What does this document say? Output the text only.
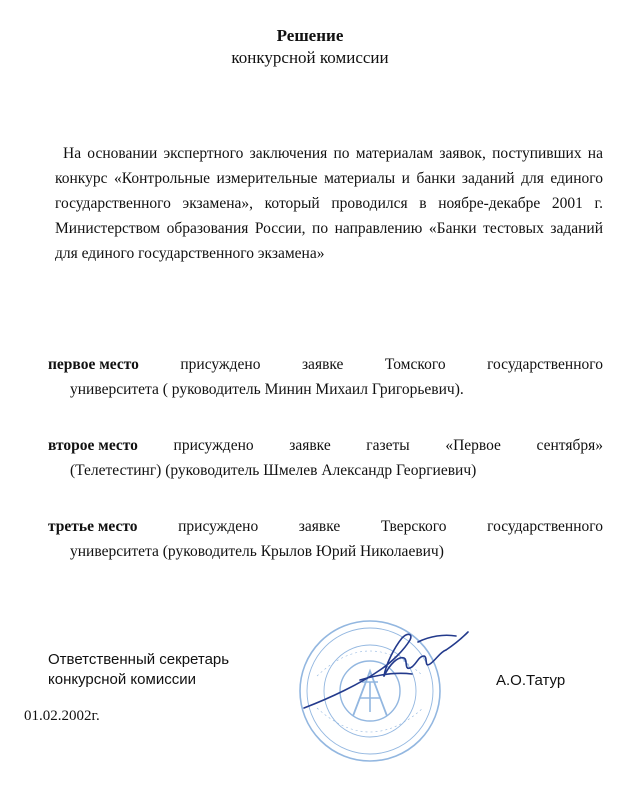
Решение
конкурсной комиссии

На основании экспертного заключения по материалам заявок, поступивших на конкурс «Контрольные измерительные материалы и банки заданий для единого государственного экзамена», который проводился в ноябре-декабре 2001 г. Министерством образования России, по направлению «Банки тестовых заданий для единого государственного экзамена»

первое место	присуждено	заявке	Томского	государственного
университета ( руководитель Минин Михаил Григорьевич).
второе место присуждено заявке газеты «Первое сентября»
(Телетестинг) (руководитель Шмелев Александр Георгиевич)
третье место	присуждено	заявке	Тверского	государственного
университета (руководитель Крылов Юрий Николаевич)
Ответственный секретарь
конкурсной комиссии	А.О.Татур
01.02.2002г.
